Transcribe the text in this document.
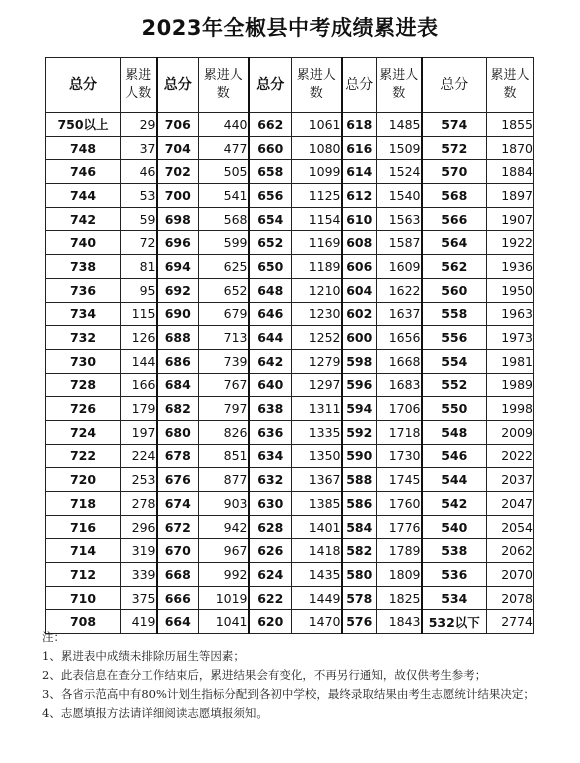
2023年全椒县中考成绩累进表
总分	累进人数	总分	累进人数	总分	累进人数	总分	累进人数	总分	累进人数
750以上	29	706	440	662	1061	618	1485	574	1855
748	37	704	477	660	1080	616	1509	572	1870
746	46	702	505	658	1099	614	1524	570	1884
744	53	700	541	656	1125	612	1540	568	1897
742	59	698	568	654	1154	610	1563	566	1907
740	72	696	599	652	1169	608	1587	564	1922
738	81	694	625	650	1189	606	1609	562	1936
736	95	692	652	648	1210	604	1622	560	1950
734	115	690	679	646	1230	602	1637	558	1963
732	126	688	713	644	1252	600	1656	556	1973
730	144	686	739	642	1279	598	1668	554	1981
728	166	684	767	640	1297	596	1683	552	1989
726	179	682	797	638	1311	594	1706	550	1998
724	197	680	826	636	1335	592	1718	548	2009
722	224	678	851	634	1350	590	1730	546	2022
720	253	676	877	632	1367	588	1745	544	2037
718	278	674	903	630	1385	586	1760	542	2047
716	296	672	942	628	1401	584	1776	540	2054
714	319	670	967	626	1418	582	1789	538	2062
712	339	668	992	624	1435	580	1809	536	2070
710	375	666	1019	622	1449	578	1825	534	2078
708	419	664	1041	620	1470	576	1843	532以下	2774
注：
1、累进表中成绩未排除历届生等因素；
2、此表信息在查分工作结束后，累进结果会有变化，不再另行通知，故仅供考生参考；
3、各省示范高中有80%计划生指标分配到各初中学校，最终录取结果由考生志愿统计结果决定；
4、志愿填报方法请详细阅读志愿填报须知。
